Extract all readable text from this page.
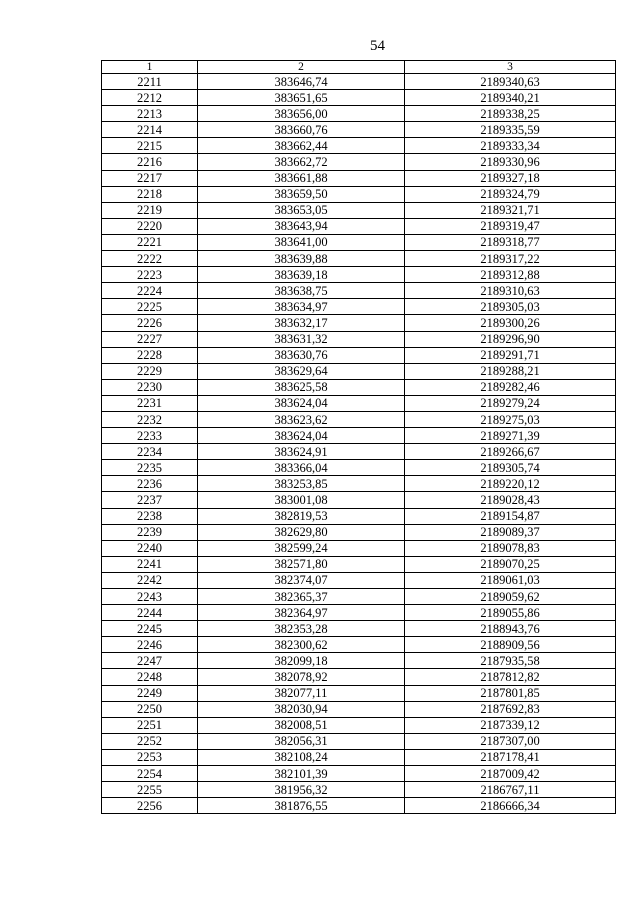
54
1	2	3
2211	383646,74	2189340,63
2212	383651,65	2189340,21
2213	383656,00	2189338,25
2214	383660,76	2189335,59
2215	383662,44	2189333,34
2216	383662,72	2189330,96
2217	383661,88	2189327,18
2218	383659,50	2189324,79
2219	383653,05	2189321,71
2220	383643,94	2189319,47
2221	383641,00	2189318,77
2222	383639,88	2189317,22
2223	383639,18	2189312,88
2224	383638,75	2189310,63
2225	383634,97	2189305,03
2226	383632,17	2189300,26
2227	383631,32	2189296,90
2228	383630,76	2189291,71
2229	383629,64	2189288,21
2230	383625,58	2189282,46
2231	383624,04	2189279,24
2232	383623,62	2189275,03
2233	383624,04	2189271,39
2234	383624,91	2189266,67
2235	383366,04	2189305,74
2236	383253,85	2189220,12
2237	383001,08	2189028,43
2238	382819,53	2189154,87
2239	382629,80	2189089,37
2240	382599,24	2189078,83
2241	382571,80	2189070,25
2242	382374,07	2189061,03
2243	382365,37	2189059,62
2244	382364,97	2189055,86
2245	382353,28	2188943,76
2246	382300,62	2188909,56
2247	382099,18	2187935,58
2248	382078,92	2187812,82
2249	382077,11	2187801,85
2250	382030,94	2187692,83
2251	382008,51	2187339,12
2252	382056,31	2187307,00
2253	382108,24	2187178,41
2254	382101,39	2187009,42
2255	381956,32	2186767,11
2256	381876,55	2186666,34
